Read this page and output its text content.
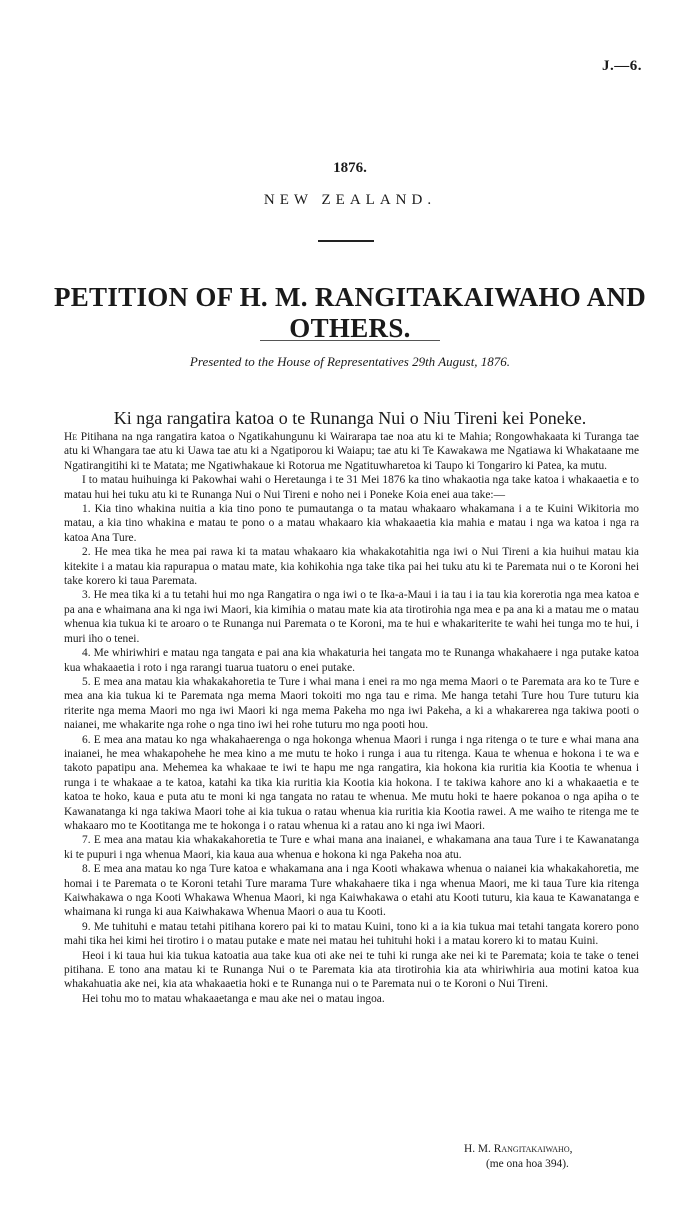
J.—6.
1876.
NEW ZEALAND.
PETITION OF H. M. RANGITAKAIWAHO AND OTHERS.
Presented to the House of Representatives 29th August, 1876.
Ki nga rangatira katoa o te Runanga Nui o Niu Tireni kei Poneke.

He Pitihana na nga rangatira katoa o Ngatikahungunu ki Wairarapa tae noa atu ki te Mahia; Rongowhakaata ki Turanga tae atu ki Whangara tae atu ki Uawa tae atu ki a Ngatiporou ki Waiapu; tae atu ki Te Kawakawa me Ngatiawa ki Whakataane me Ngatirangitihi ki te Matata; me Ngatiwhakaue ki Rotorua me Ngatituwharetoa ki Taupo ki Tongariro ki Patea, ka mutu.

I to matau huihuinga ki Pakowhai wahi o Heretaunga i te 31 Mei 1876 ka tino whakaotia nga take katoa i whakaaetia e to matau hui hei tuku atu ki te Runanga Nui o Nui Tireni e noho nei i Poneke Koia enei aua take:—

1. Kia tino whakina nuitia a kia tino pono te pumautanga o ta matau whakaaro whakamana i a te Kuini Wikitoria mo matau, a kia tino whakina e matau te pono o a matau whakaaro kia whakaaetia kia mahia e matau i nga wa katoa i nga ra katoa Ana Ture.

2. He mea tika he mea pai rawa ki ta matau whakaaro kia whakakotahitia nga iwi o Nui Tireni a kia huihui matau kia kitekite i a matau kia rapurapua o matau mate, kia kohikohia nga take tika pai hei tuku atu ki te Paremata nui o te Koroni hei take korero ki taua Paremata.

3. He mea tika ki a tu tetahi hui mo nga Rangatira o nga iwi o te Ika-a-Maui i ia tau i ia tau kia korerotia nga mea katoa e pa ana e whaimana ana ki nga iwi Maori, kia kimihia o matau mate kia ata tirotirohia nga mea e pa ana ki a matau me o matau whenua kia tukua ki te aroaro o te Runanga nui Paremata o te Koroni, ma te hui e whakariterite te wahi hei tunga mo te hui, i muri iho o tenei.

4. Me whiriwhiri e matau nga tangata e pai ana kia whakaturia hei tangata mo te Runanga whakahaere i nga putake katoa kua whakaaetia i roto i nga rarangi tuarua tuatoru o enei putake.

5. E mea ana matau kia whakakahoretia te Ture i whai mana i enei ra mo nga mema Maori o te Paremata ara ko te Ture e mea ana kia tukua ki te Paremata nga mema Maori tokoiti mo nga tau e rima. Me hanga tetahi Ture hou Ture tuturu kia riterite nga mema Maori mo nga iwi Maori ki nga mema Pakeha mo nga iwi Pakeha, a ki a whakarerea nga takiwa pooti o naianei, me whakarite nga rohe o nga tino iwi hei rohe tuturu mo nga pooti hou.

6. E mea ana matau ko nga whakahaerenga o nga hokonga whenua Maori i runga i nga ritenga o te ture e whai mana ana inaianei, he mea whakapohehe he mea kino a me mutu te hoko i runga i aua tu ritenga. Kaua te whenua e hokona i te wa e takoto papatipu ana. Mehemea ka whakaae te iwi te hapu me nga rangatira, kia hokona kia ruritia kia Kootia te whenua i runga i te whakaae a te katoa, katahi ka tika kia ruritia kia Kootia kia hokona. I te takiwa kahore ano ki a whakaaetia e te katoa te hoko, kaua e puta atu te moni ki nga tangata no ratau te whenua. Me mutu hoki te haere pokanoa o nga apiha o te Kawanatanga ki nga takiwa Maori tohe ai kia tukua o ratau whenua kia ruritia kia Kootia rawei. A me waiho te ritenga me te whakaaro mo te Kootitanga me te hokonga i o ratau whenua ki a ratau ano ki nga iwi Maori.

7. E mea ana matau kia whakakahoretia te Ture e whai mana ana inaianei, e whakamana ana taua Ture i te Kawanatanga ki te pupuri i nga whenua Maori, kia kaua aua whenua e hokona ki nga Pakeha noa atu.

8. E mea ana matau ko nga Ture katoa e whakamana ana i nga Kooti whakawa whenua o naianei kia whakakahoretia, me homai i te Paremata o te Koroni tetahi Ture marama Ture whakahaere tika i nga whenua Maori, me ki taua Ture kia ritenga Kaiwhakawa o nga Kooti Whakawa Whenua Maori, ki nga Kaiwhakawa o etahi atu Kooti tuturu, kia kaua te Kawanatanga e whaimana ki runga ki aua Kaiwhakawa Whenua Maori o aua tu Kooti.

9. Me tuhituhi e matau tetahi pitihana korero pai ki to matau Kuini, tono ki a ia kia tukua mai tetahi tangata korero pono mahi tika hei kimi hei tirotiro i o matau putake e mate nei matau hei tuhituhi hoki i a matau korero ki to matau Kuini.

Heoi i ki taua hui kia tukua katoatia aua take kua oti ake nei te tuhi ki runga ake nei ki te Paremata; koia te take o tenei pitihana. E tono ana matau ki te Runanga Nui o te Paremata kia ata tirotirohia kia ata whiriwhiria aua motini katoa kua whakahuatia ake nei, kia ata whakaaetia hoki e te Runanga nui o te Paremata nui o te Koroni o Nui Tireni.

Hei tohu mo to matau whakaaetanga e mau ake nei o matau ingoa.

H. M. Rangitakaiwaho,
(me ona hoa 394).
